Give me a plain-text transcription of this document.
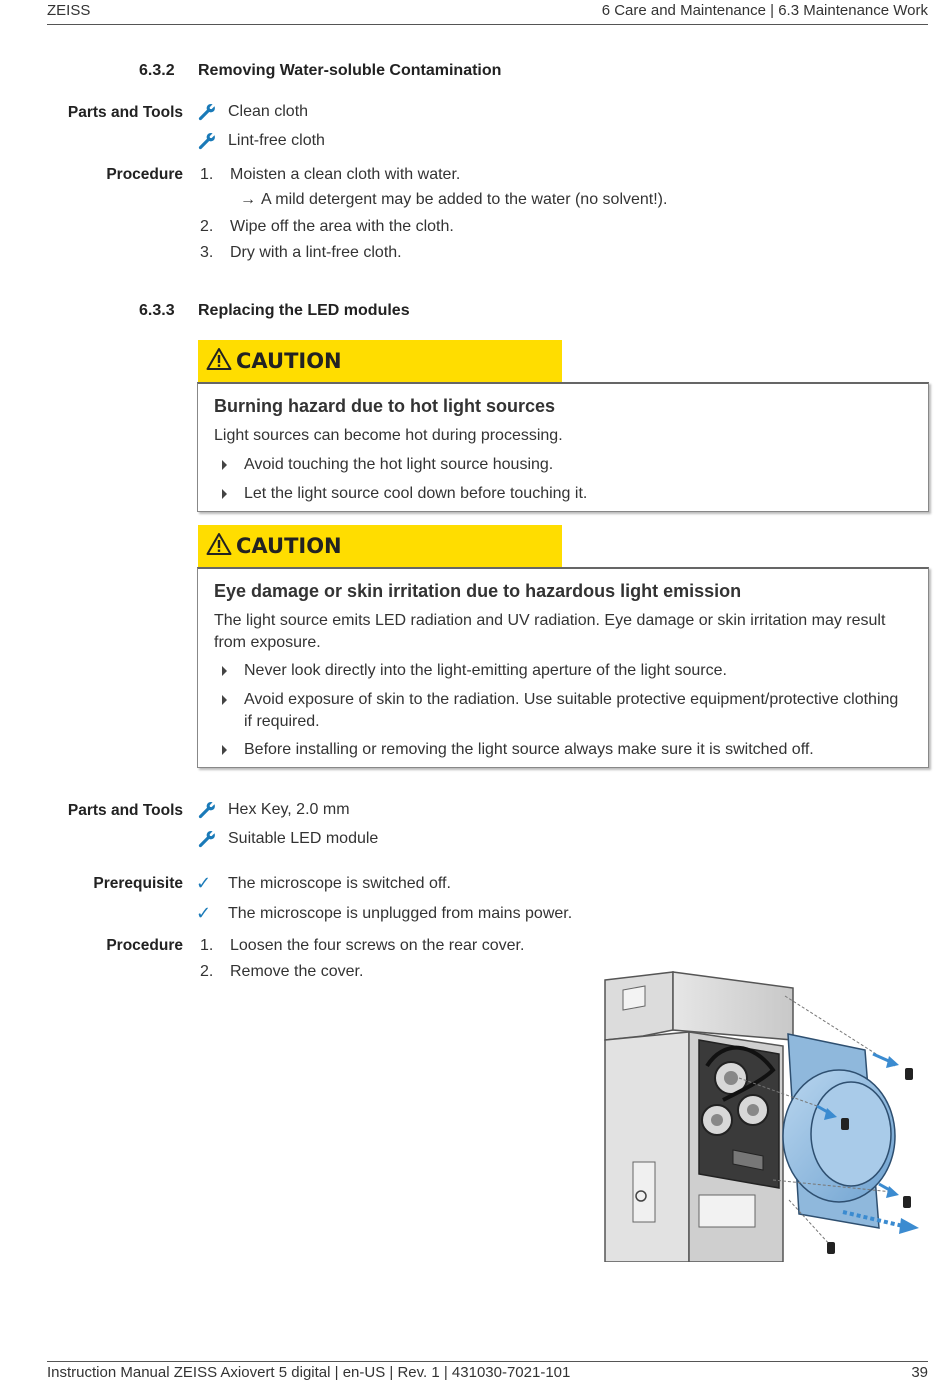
ZEISS	6 Care and Maintenance | 6.3 Maintenance Work
6.3.2 Removing Water-soluble Contamination
Parts and Tools	Clean cloth
Lint-free cloth
Procedure 1. Moisten a clean cloth with water.
→ A mild detergent may be added to the water (no solvent!).
2. Wipe off the area with the cloth.
3. Dry with a lint-free cloth.
6.3.3 Replacing the LED modules
CAUTION
Burning hazard due to hot light sources
Light sources can become hot during processing.
Avoid touching the hot light source housing.
Let the light source cool down before touching it.
CAUTION
Eye damage or skin irritation due to hazardous light emission
The light source emits LED radiation and UV radiation. Eye damage or skin irritation may result from exposure.
Never look directly into the light-emitting aperture of the light source.
Avoid exposure of skin to the radiation. Use suitable protective equipment/protective clothing if required.
Before installing or removing the light source always make sure it is switched off.
Parts and Tools	Hex Key, 2.0 mm
Suitable LED module
Prerequisite ✓ The microscope is switched off.
✓ The microscope is unplugged from mains power.
Procedure 1. Loosen the four screws on the rear cover.
2. Remove the cover.
Instruction Manual ZEISS Axiovert 5 digital | en-US | Rev. 1 | 431030-7021-101	39
